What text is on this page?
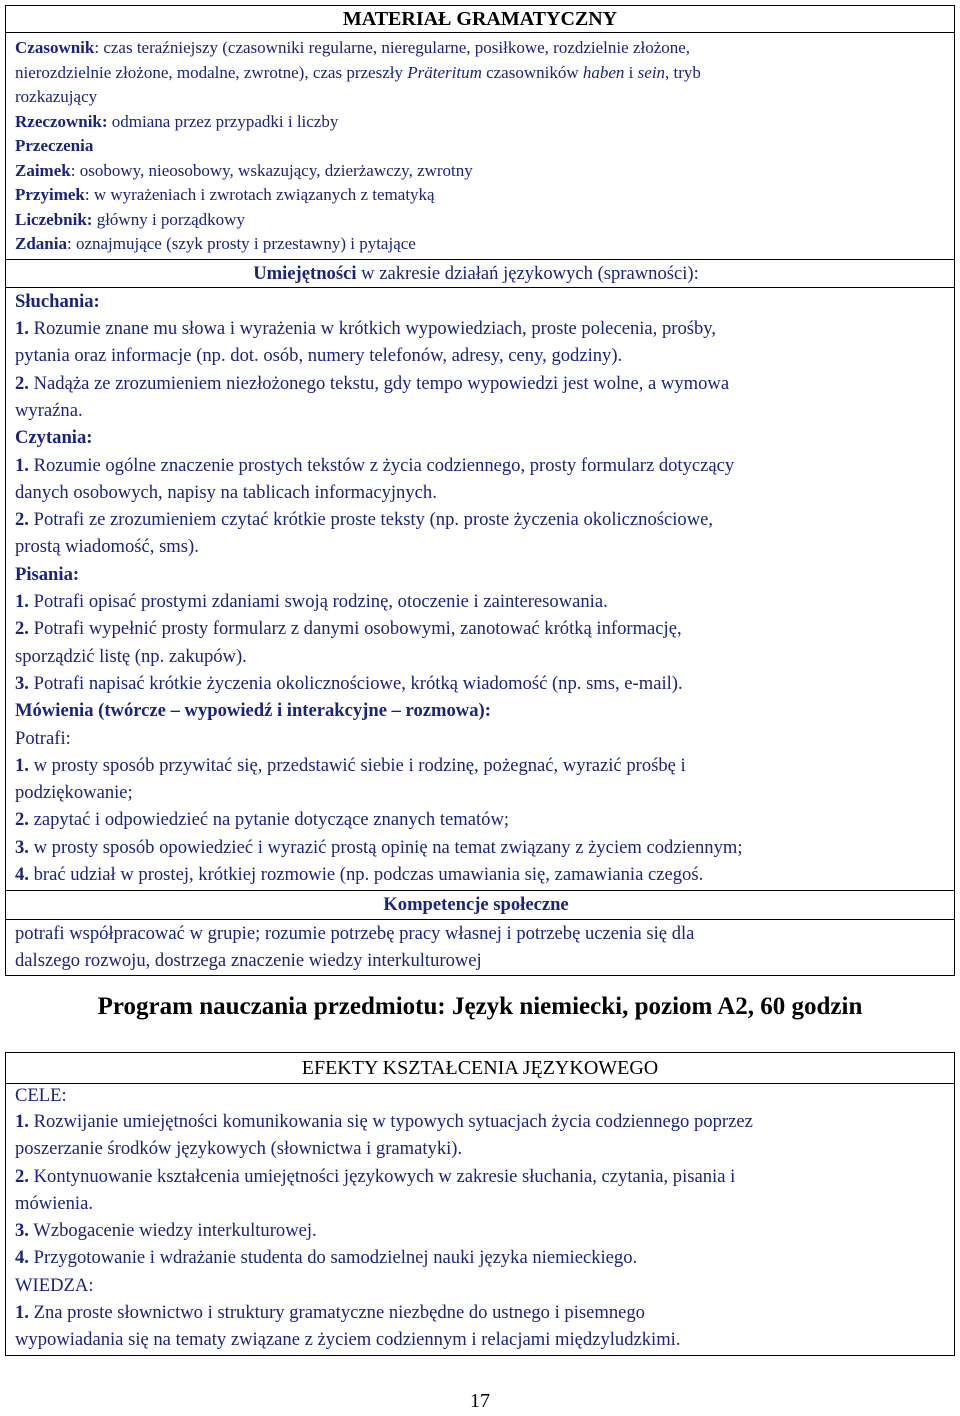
MATERIAŁ GRAMATYCZNY

Czasownik: czas teraźniejszy (czasowniki regularne, nieregularne, posiłkowe, rozdzielnie złożone,
nierozdzielnie złożone, modalne, zwrotne), czas przeszły Präteritum czasowników haben i sein, tryb
rozkazujący
Rzeczownik: odmiana przez przypadki i liczby
Przeczenia
Zaimek: osobowy, nieosobowy, wskazujący, dzierżawczy, zwrotny
Przyimek: w wyrażeniach i zwrotach związanych z tematyką
Liczebnik: główny i porządkowy
Zdania: oznajmujące (szyk prosty i przestawny) i pytające

Umiejętności w zakresie działań językowych (sprawności):

Słuchania:
1. Rozumie znane mu słowa i wyrażenia w krótkich wypowiedziach, proste polecenia, prośby,
pytania oraz informacje (np. dot. osób, numery telefonów, adresy, ceny, godziny).
2. Nadąża ze zrozumieniem niezłożonego tekstu, gdy tempo wypowiedzi jest wolne, a wymowa
wyraźna.
Czytania:
1. Rozumie ogólne znaczenie prostych tekstów z życia codziennego, prosty formularz dotyczący
danych osobowych, napisy na tablicach informacyjnych.
2. Potrafi ze zrozumieniem czytać krótkie proste teksty (np. proste życzenia okolicznościowe,
prostą wiadomość, sms).
Pisania:
1. Potrafi opisać prostymi zdaniami swoją rodzinę, otoczenie i zainteresowania.
2. Potrafi wypełnić prosty formularz z danymi osobowymi, zanotować krótką informację,
sporządzić listę (np. zakupów).
3. Potrafi napisać krótkie życzenia okolicznościowe, krótką wiadomość (np. sms, e-mail).
Mówienia (twórcze – wypowiedź i interakcyjne – rozmowa):
Potrafi:
1. w prosty sposób przywitać się, przedstawić siebie i rodzinę, pożegnać, wyrazić prośbę i
podziękowanie;
2. zapytać i odpowiedzieć na pytanie dotyczące znanych tematów;
3. w prosty sposób opowiedzieć i wyrazić prostą opinię na temat związany z życiem codziennym;
4. brać udział w prostej, krótkiej rozmowie (np. podczas umawiania się, zamawiania czegoś.

Kompetencje społeczne

potrafi współpracować w grupie; rozumie potrzebę pracy własnej i potrzebę uczenia się dla
dalszego rozwoju, dostrzega znaczenie wiedzy interkulturowej
Program nauczania przedmiotu: Język niemiecki, poziom A2, 60 godzin
EFEKTY KSZTAŁCENIA JĘZYKOWEGO

CELE:
1. Rozwijanie umiejętności komunikowania się w typowych sytuacjach życia codziennego poprzez
poszerzanie środków językowych (słownictwa i gramatyki).
2. Kontynuowanie kształcenia umiejętności językowych w zakresie słuchania, czytania, pisania i
mówienia.
3. Wzbogacenie wiedzy interkulturowej.
4. Przygotowanie i wdrażanie studenta do samodzielnej nauki języka niemieckiego.
WIEDZA:
1. Zna proste słownictwo i struktury gramatyczne niezbędne do ustnego i pisemnego
wypowiadania się na tematy związane z życiem codziennym i relacjami międzyludzkimi.
17
